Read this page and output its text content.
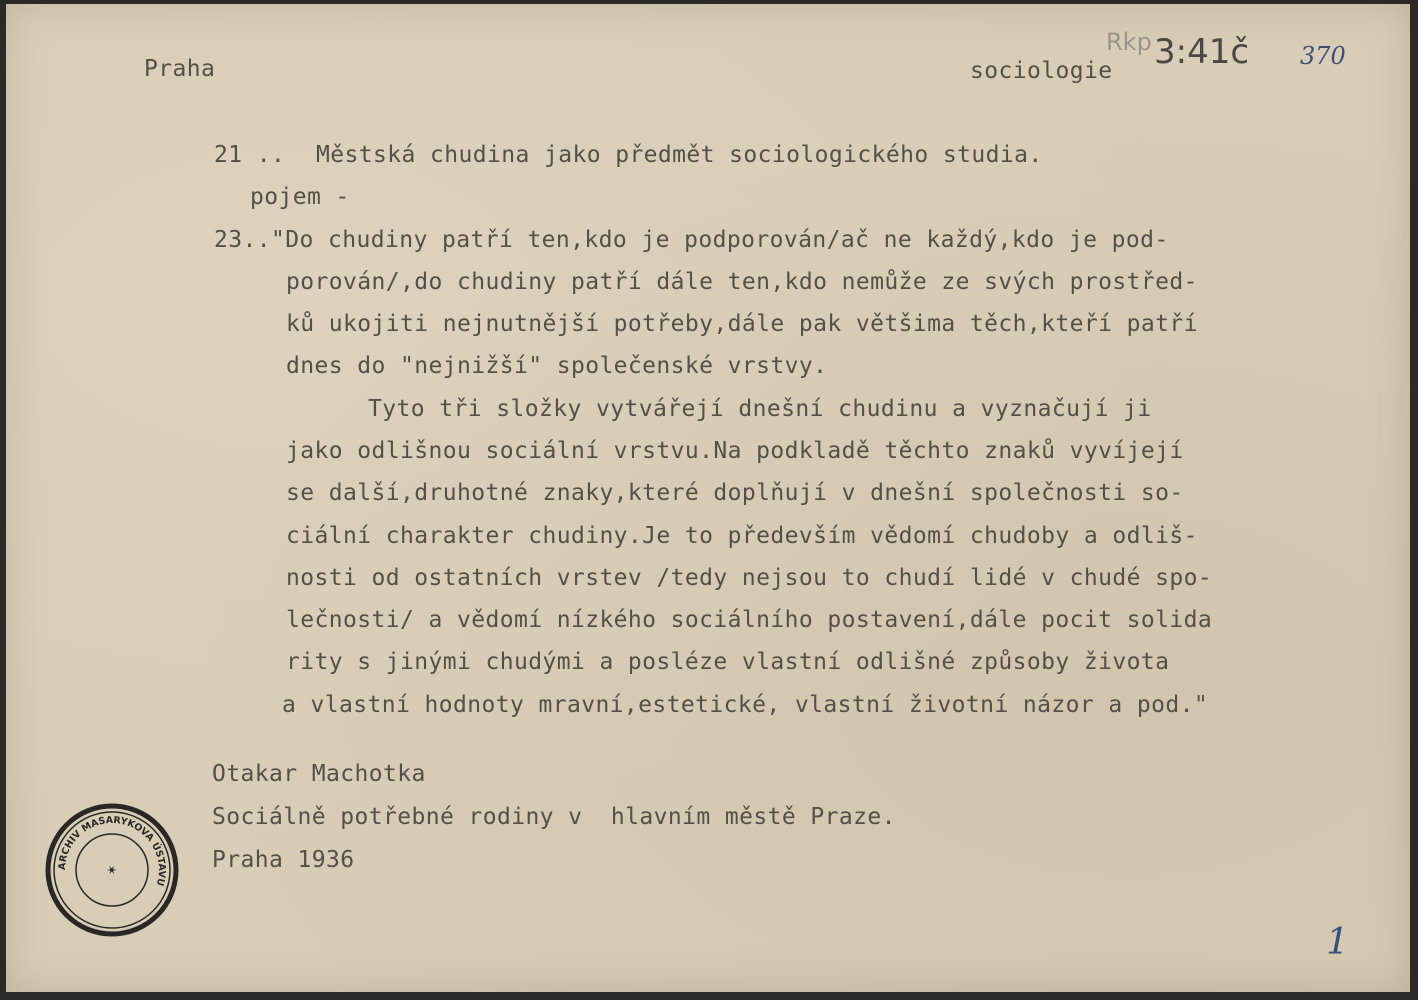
Praha	sociologie
Rkp 3:41č 370
21 .. Městská chudina jako předmět sociologického studia.
pojem -
23.."Do chudiny patří ten,kdo je podporován/ač ne každý,kdo je pod-
porován/,do chudiny patří dále ten,kdo nemůže ze svých prostřed-
ků ukojiti nejnutnější potřeby,dále pak většima těch,kteří patří
dnes do "nejnižší" společenské vrstvy.
Tyto tři složky vytvářejí dnešní chudinu a vyznačují ji
jako odlišnou sociální vrstvu.Na podkladě těchto znaků vyvíjejí
se další,druhotné znaky,které doplňují v dnešní společnosti so-
ciální charakter chudiny.Je to především vědomí chudoby a odliš-
nosti od ostatních vrstev /tedy nejsou to chudí lidé v chudé spo-
lečnosti/ a vědomí nízkého sociálního postavení,dále pocit solida
rity s jinými chudými a posléze vlastní odlišné způsoby života
a vlastní hodnoty mravní,estetické, vlastní životní názor a pod."
Otakar Machotka
Sociálně potřebné rodiny v  hlavním městě Praze.
Praha 1936
1
ARCHIV MASARYKOVA ÚSTAVU
✶
